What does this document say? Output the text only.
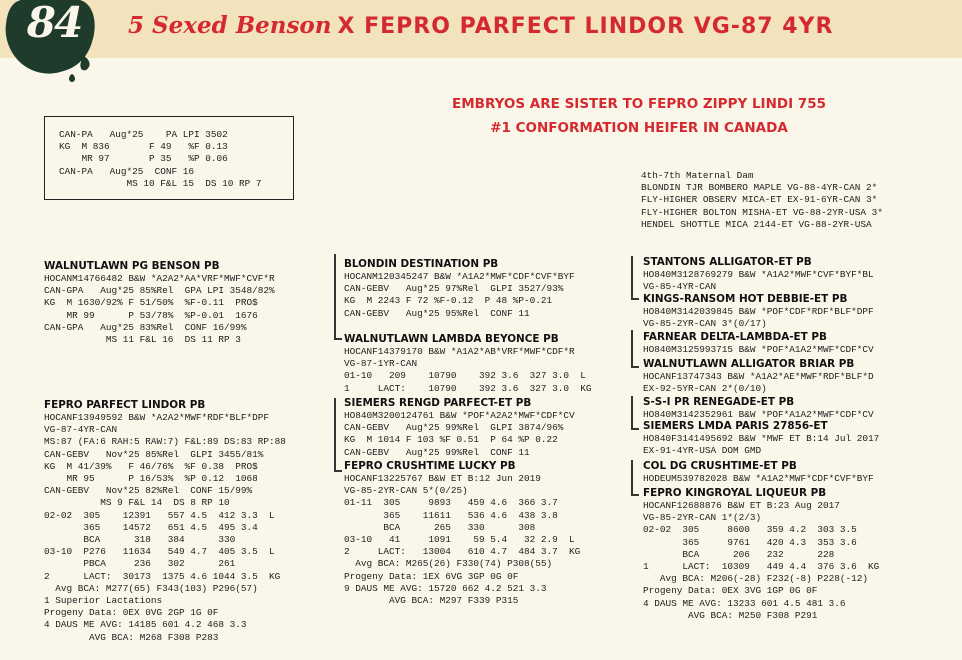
84 5 Sexed Benson X FEPRO PARFECT LINDOR VG-87 4YR
EMBRYOS ARE SISTER TO FEPRO ZIPPY LINDI 755
#1 CONFORMATION HEIFER IN CANADA
CAN-PA   Aug*25    PA LPI 3502
KG  M 836       F 49   %F 0.13
MR 97       P 35   %P 0.06
CAN-PA   Aug*25  CONF 16
MS 10 F&L 15  DS 10 RP 7
4th-7th Maternal Dam
BLONDIN TJR BOMBERO MAPLE VG-88-4YR-CAN 2*
FLY-HIGHER OBSERV MICA-ET EX-91-6YR-CAN 3*
FLY-HIGHER BOLTON MISHA-ET VG-88-2YR-USA 3*
HENDEL SHOTTLE MICA 2144-ET VG-88-2YR-USA
WALNUTLAWN PG BENSON PB
HOCANM14766482 B&W *A2A2*AA*VRF*MWF*CVF*R
CAN-GPA   Aug*25 85%Rel  GPA LPI 3548/82%
KG  M 1630/92% F 51/50%  %F-0.11  PRO$
MR 99      P 53/78%  %P-0.01  1676
CAN-GPA   Aug*25 83%Rel  CONF 16/99%
MS 11 F&L 16  DS 11 RP 3
FEPRO PARFECT LINDOR PB
HOCANF13949592 B&W *A2A2*MWF*RDF*BLF*DPF
VG-87-4YR-CAN
MS:87 (FA:6 RAH:5 RAW:7) F&L:89 DS:83 RP:88
CAN-GEBV   Nov*25 85%Rel  GLPI 3455/81%
KG  M 41/39%   F 46/76%  %F 0.38  PRO$
MR 95      P 16/53%  %P 0.12  1068
CAN-GEBV   Nov*25 82%Rel  CONF 15/99%
MS 9 F&L 14  DS 8 RP 10
02-02  305    12391   557 4.5  412 3.3  L
365    14572   651 4.5  495 3.4
BCA      318   384      330
03-10  P276   11634   549 4.7  405 3.5  L
PBCA     236   302      261
2      LACT:  30173  1375 4.6 1044 3.5  KG
Avg BCA: M277(65) F343(103) P296(57)
1 Superior Lactations
Progeny Data: 0EX 0VG 2GP 1G 0F
4 DAUS ME AVG: 14185 601 4.2 468 3.3
AVG BCA: M268 F308 P283
BLONDIN DESTINATION PB
HOCANM120345247 B&W *A1A2*MWF*CDF*CVF*BYF
CAN-GEBV   Aug*25 97%Rel  GLPI 3527/93%
KG  M 2243 F 72 %F-0.12  P 48 %P-0.21
CAN-GEBV   Aug*25 95%Rel  CONF 11
WALNUTLAWN LAMBDA BEYONCE PB
HOCANF14379170 B&W *A1A2*AB*VRF*MWF*CDF*R
VG-87-1YR-CAN
01-10   209    10790    392 3.6  327 3.0  L
1     LACT:    10790    392 3.6  327 3.0  KG
SIEMERS RENGD PARFECT-ET PB
HO840M3200124761 B&W *POF*A2A2*MWF*CDF*CV
CAN-GEBV   Aug*25 99%Rel  GLPI 3874/96%
KG  M 1014 F 103 %F 0.51  P 64 %P 0.22
CAN-GEBV   Aug*25 99%Rel  CONF 11
FEPRO CRUSHTIME LUCKY PB
HOCANF13225767 B&W ET B:12 Jun 2019
VG-85-2YR-CAN 5*(0/25)
01-11  305     9893   459 4.6  366 3.7
365    11611   536 4.6  438 3.8
BCA      265   330      308
03-10   41     1091    59 5.4   32 2.9  L
2     LACT:   13004   610 4.7  484 3.7  KG
Avg BCA: M265(26) F330(74) P308(55)
Progeny Data: 1EX 6VG 3GP 0G 0F
9 DAUS ME AVG: 15720 662 4.2 521 3.3
AVG BCA: M297 F339 P315
STANTONS ALLIGATOR-ET PB
HO840M3128769279 B&W *A1A2*MWF*CVF*BYF*BL
VG-85-4YR-CAN
KINGS-RANSOM HOT DEBBIE-ET PB
HO840M3142039845 B&W *POF*CDF*RDF*BLF*DPF
VG-85-2YR-CAN 3*(0/17)
FARNEAR DELTA-LAMBDA-ET PB
HO840M3125993715 B&W *POF*A1A2*MWF*CDF*CV
WALNUTLAWN ALLIGATOR BRIAR PB
HOCANF13747343 B&W *A1A2*AE*MWF*RDF*BLF*D
EX-92-5YR-CAN 2*(0/10)
S-S-I PR RENEGADE-ET PB
HO840M3142352961 B&W *POF*A1A2*MWF*CDF*CV
SIEMERS LMDA PARIS 27856-ET
HO840F3141495692 B&W *MWF ET B:14 Jul 2017
EX-91-4YR-USA DOM GMD
COL DG CRUSHTIME-ET PB
HODEUM539782028 B&W *A1A2*MWF*CDF*CVF*BYF
FEPRO KINGROYAL LIQUEUR PB
HOCANF12688876 B&W ET B:23 Aug 2017
VG-85-2YR-CAN 1*(2/3)
02-02  305     8600   359 4.2  303 3.5
365     9761   420 4.3  353 3.6
BCA      206   232      228
1      LACT:  10309   449 4.4  376 3.6  KG
Avg BCA: M206(-28) F232(-8) P228(-12)
Progeny Data: 0EX 3VG 1GP 0G 0F
4 DAUS ME AVG: 13233 601 4.5 481 3.6
AVG BCA: M250 F308 P291
